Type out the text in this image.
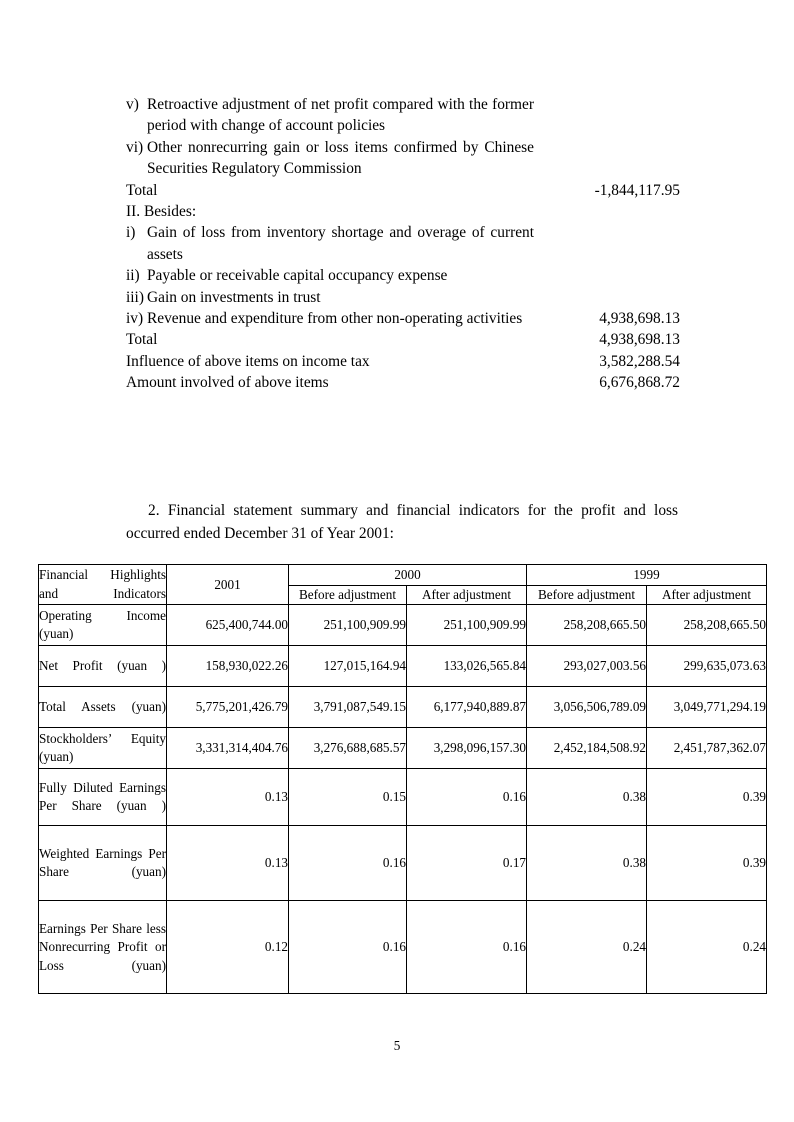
v) Retroactive adjustment of net profit compared with the former period with change of account policies
vi) Other nonrecurring gain or loss items confirmed by Chinese Securities Regulatory Commission
Total	-1,844,117.95
II. Besides:
i) Gain of loss from inventory shortage and overage of current assets
ii) Payable or receivable capital occupancy expense
iii) Gain on investments in trust
iv) Revenue and expenditure from other non-operating activities	4,938,698.13
Total	4,938,698.13
Influence of above items on income tax	3,582,288.54
Amount involved of above items	6,676,868.72
2. Financial statement summary and financial indicators for the profit and loss occurred ended December 31 of Year 2001:
Financial Highlights and Indicators	2001	2000		1999	
		Before adjustment	After adjustment	Before adjustment	After adjustment
Operating Income (yuan)	625,400,744.00	251,100,909.99	251,100,909.99	258,208,665.50	258,208,665.50
Net Profit (yuan )	158,930,022.26	127,015,164.94	133,026,565.84	293,027,003.56	299,635,073.63
Total Assets (yuan)	5,775,201,426.79	3,791,087,549.15	6,177,940,889.87	3,056,506,789.09	3,049,771,294.19
Stockholders’ Equity (yuan)	3,331,314,404.76	3,276,688,685.57	3,298,096,157.30	2,452,184,508.92	2,451,787,362.07
Fully Diluted Earnings Per Share (yuan )	0.13	0.15	0.16	0.38	0.39
Weighted Earnings Per Share (yuan)	0.13	0.16	0.17	0.38	0.39
Earnings Per Share less Nonrecurring Profit or Loss (yuan)	0.12	0.16	0.16	0.24	0.24
5
